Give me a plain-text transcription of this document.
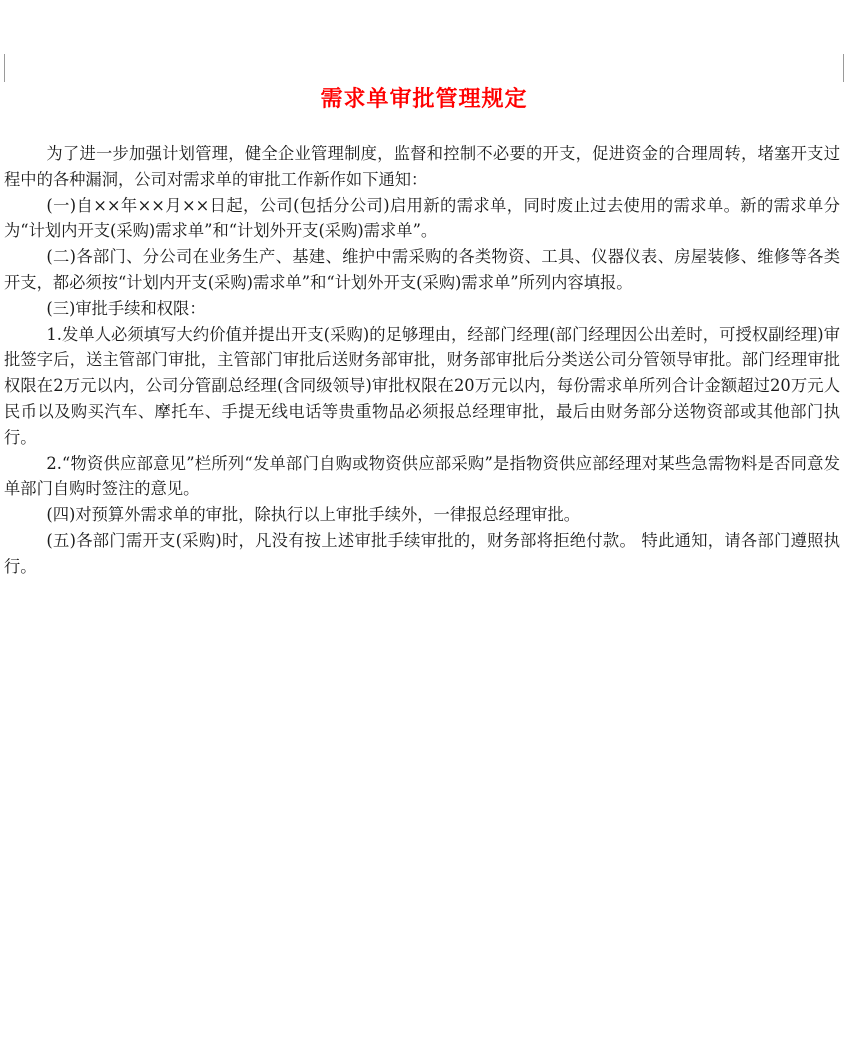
需求单审批管理规定

为了进一步加强计划管理，健全企业管理制度，监督和控制不必要的开支，促进资金的合理周转，堵塞开支过程中的各种漏洞，公司对需求单的审批工作新作如下通知：

(一)自××年××月××日起，公司(包括分公司)启用新的需求单，同时废止过去使用的需求单。新的需求单分为“计划内开支(采购)需求单”和“计划外开支(采购)需求单”。

(二)各部门、分公司在业务生产、基建、维护中需采购的各类物资、工具、仪器仪表、房屋装修、维修等各类开支，都必须按“计划内开支(采购)需求单”和“计划外开支(采购)需求单”所列内容填报。

(三)审批手续和权限：

1.发单人必须填写大约价值并提出开支(采购)的足够理由，经部门经理(部门经理因公出差时，可授权副经理)审批签字后，送主管部门审批，主管部门审批后送财务部审批，财务部审批后分类送公司分管领导审批。部门经理审批权限在2万元以内，公司分管副总经理(含同级领导)审批权限在20万元以内，每份需求单所列合计金额超过20万元人民币以及购买汽车、摩托车、手提无线电话等贵重物品必须报总经理审批，最后由财务部分送物资部或其他部门执行。

2.“物资供应部意见”栏所列“发单部门自购或物资供应部采购”是指物资供应部经理对某些急需物料是否同意发单部门自购时签注的意见。

(四)对预算外需求单的审批，除执行以上审批手续外，一律报总经理审批。

(五)各部门需开支(采购)时，凡没有按上述审批手续审批的，财务部将拒绝付款。 特此通知，请各部门遵照执行。
